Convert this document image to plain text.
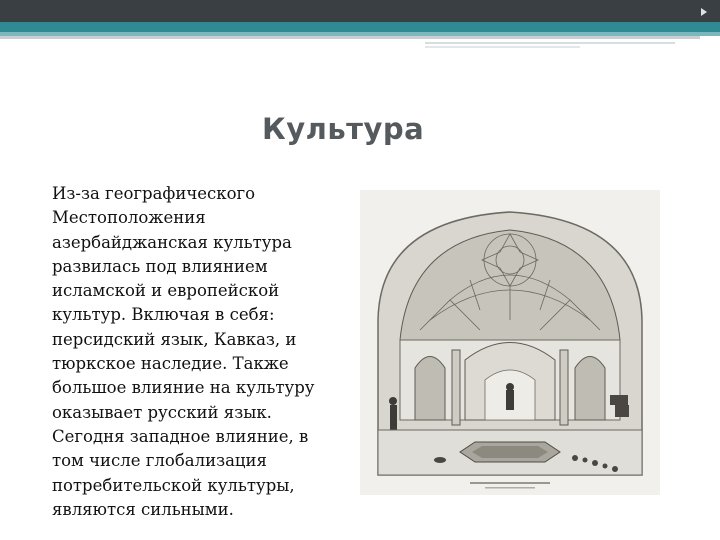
Культура

Из-за географического
Местоположения
азербайджанская культура
развилась под влиянием
исламской и европейской
культур. Включая в себя:
персидский язык, Кавказ, и
тюркское наследие. Также
большое влияние на культуру
оказывает русский язык.
Сегодня западное влияние, в
том числе глобализация
потребительской культуры,
являются сильными.
